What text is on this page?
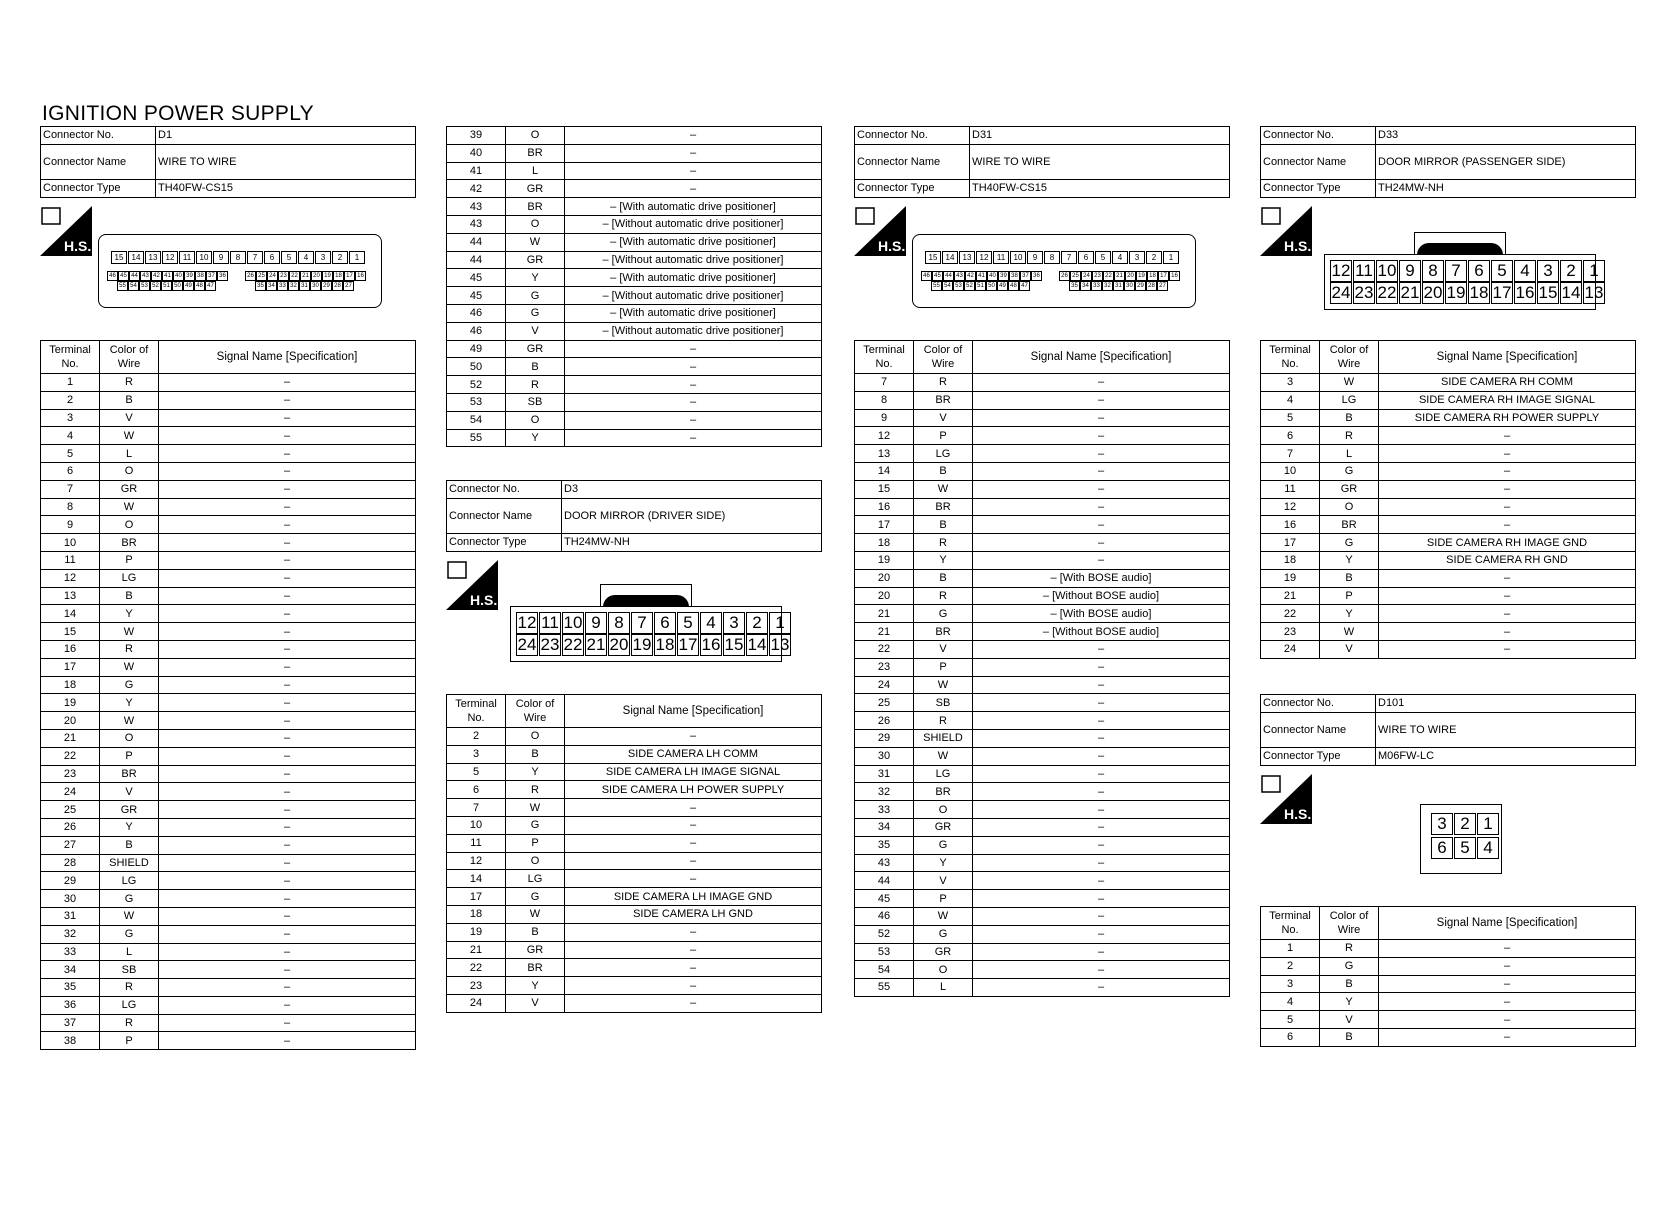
IGNITION POWER SUPPLY
Connector No.	D1
Connector Name	WIRE TO WIRE
Connector Type	TH40FW-CS15
H.S.
15	14	13	12	11	10	9	8	7	6	5	4	3	2	1
46 45 44 43 42 41 40 39 38 37 36	26 25 24 23 22 21 20 19 18 17 16
55 54 53 52 51 50 49 48 47	35 34 33 32 31 30 29 28 27
Terminal No.	Color of Wire	Signal Name [Specification]
1	R	–
2	B	–
3	V	–
4	W	–
5	L	–
6	O	–
7	GR	–
8	W	–
9	O	–
10	BR	–
11	P	–
12	LG	–
13	B	–
14	Y	–
15	W	–
16	R	–
17	W	–
18	G	–
19	Y	–
20	W	–
21	O	–
22	P	–
23	BR	–
24	V	–
25	GR	–
26	Y	–
27	B	–
28	SHIELD	–
29	LG	–
30	G	–
31	W	–
32	G	–
33	L	–
34	SB	–
35	R	–
36	LG	–
37	R	–
38	P	–
39	O	–
40	BR	–
41	L	–
42	GR	–
43	BR	– [With automatic drive positioner]
43	O	– [Without automatic drive positioner]
44	W	– [With automatic drive positioner]
44	GR	– [Without automatic drive positioner]
45	Y	– [With automatic drive positioner]
45	G	– [Without automatic drive positioner]
46	G	– [With automatic drive positioner]
46	V	– [Without automatic drive positioner]
49	GR	–
50	B	–
52	R	–
53	SB	–
54	O	–
55	Y	–
Connector No.	D3
Connector Name	DOOR MIRROR (DRIVER SIDE)
Connector Type	TH24MW-NH
H.S.
12 11 10 9 8 7 6 5 4 3 2 1
24 23 22 21 20 19 18 17 16 15 14 13
Terminal No.	Color of Wire	Signal Name [Specification]
2	O	–
3	B	SIDE CAMERA LH COMM
5	Y	SIDE CAMERA LH IMAGE SIGNAL
6	R	SIDE CAMERA LH POWER SUPPLY
7	W	–
10	G	–
11	P	–
12	O	–
14	LG	–
17	G	SIDE CAMERA LH IMAGE GND
18	W	SIDE CAMERA LH GND
19	B	–
21	GR	–
22	BR	–
23	Y	–
24	V	–
Connector No.	D31
Connector Name	WIRE TO WIRE
Connector Type	TH40FW-CS15
H.S.
15	14	13	12	11	10	9	8	7	6	5	4	3	2	1
46 45 44 43 42 41 40 39 38 37 36	26 25 24 23 22 21 20 19 18 17 16
55 54 53 52 51 50 49 48 47	35 34 33 32 31 30 29 28 27
Terminal No.	Color of Wire	Signal Name [Specification]
7	R	–
8	BR	–
9	V	–
12	P	–
13	LG	–
14	B	–
15	W	–
16	BR	–
17	B	–
18	R	–
19	Y	–
20	B	– [With BOSE audio]
20	R	– [Without BOSE audio]
21	G	– [With BOSE audio]
21	BR	– [Without BOSE audio]
22	V	–
23	P	–
24	W	–
25	SB	–
26	R	–
29	SHIELD	–
30	W	–
31	LG	–
32	BR	–
33	O	–
34	GR	–
35	G	–
43	Y	–
44	V	–
45	P	–
46	W	–
52	G	–
53	GR	–
54	O	–
55	L	–
Connector No.	D33
Connector Name	DOOR MIRROR (PASSENGER SIDE)
Connector Type	TH24MW-NH
H.S.
12 11 10 9 8 7 6 5 4 3 2 1
24 23 22 21 20 19 18 17 16 15 14 13
Terminal No.	Color of Wire	Signal Name [Specification]
3	W	SIDE CAMERA RH COMM
4	LG	SIDE CAMERA RH IMAGE SIGNAL
5	B	SIDE CAMERA RH POWER SUPPLY
6	R	–
7	L	–
10	G	–
11	GR	–
12	O	–
16	BR	–
17	G	SIDE CAMERA RH IMAGE GND
18	Y	SIDE CAMERA RH GND
19	B	–
21	P	–
22	Y	–
23	W	–
24	V	–
Connector No.	D101
Connector Name	WIRE TO WIRE
Connector Type	M06FW-LC
H.S.	3 2 1
6 5 4
Terminal No.	Color of Wire	Signal Name [Specification]
1	R	–
2	G	–
3	B	–
4	Y	–
5	V	–
6	B	–
